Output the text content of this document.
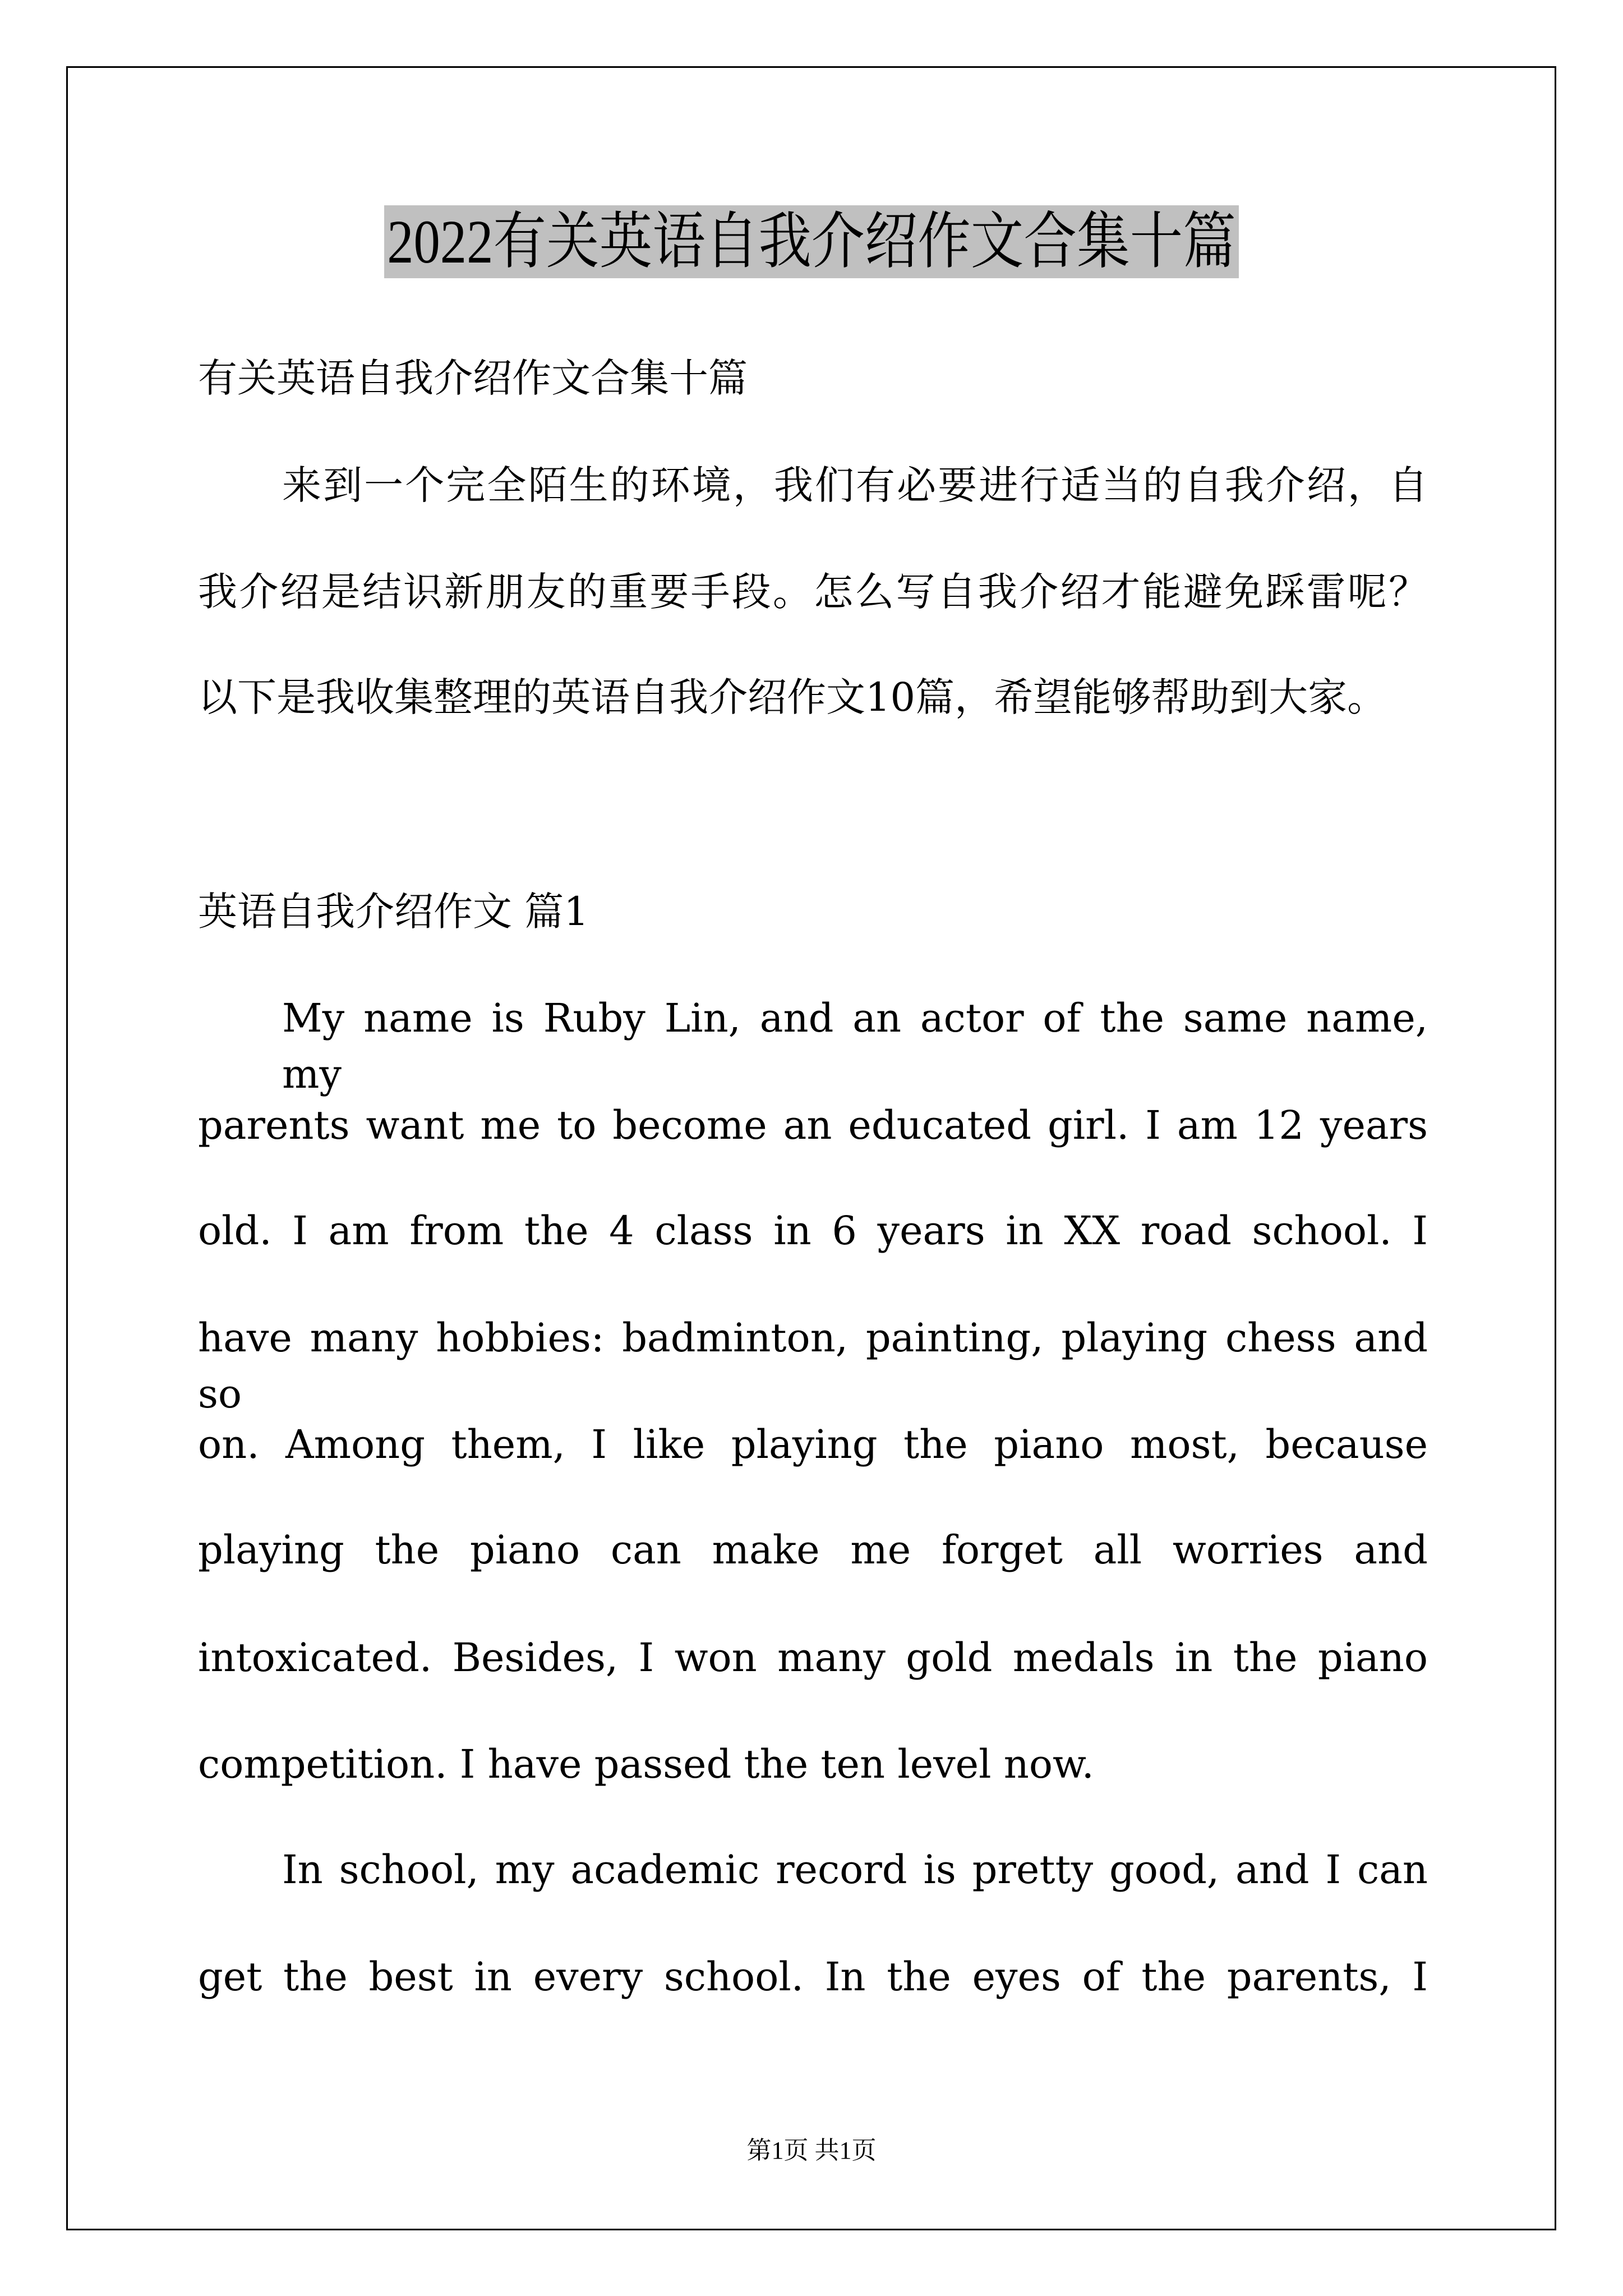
2022有关英语自我介绍作文合集十篇
有关英语自我介绍作文合集十篇
来到一个完全陌生的环境，我们有必要进行适当的自我介绍，自
我介绍是结识新朋友的重要手段。怎么写自我介绍才能避免踩雷呢？
以下是我收集整理的英语自我介绍作文10篇，希望能够帮助到大家。
英语自我介绍作文 篇1
My name is Ruby Lin, and an actor of the same name, my
parents want me to become an educated girl. I am 12 years
old. I am from the 4 class in 6 years in XX road school. I
have many hobbies: badminton, painting, playing chess and so
on. Among them, I like playing the piano most, because
playing the piano can make me forget all worries and
intoxicated. Besides, I won many gold medals in the piano
competition. I have passed the ten level now.
In school, my academic record is pretty good, and I can
get the best in every school. In the eyes of the parents, I
第1页 共1页
